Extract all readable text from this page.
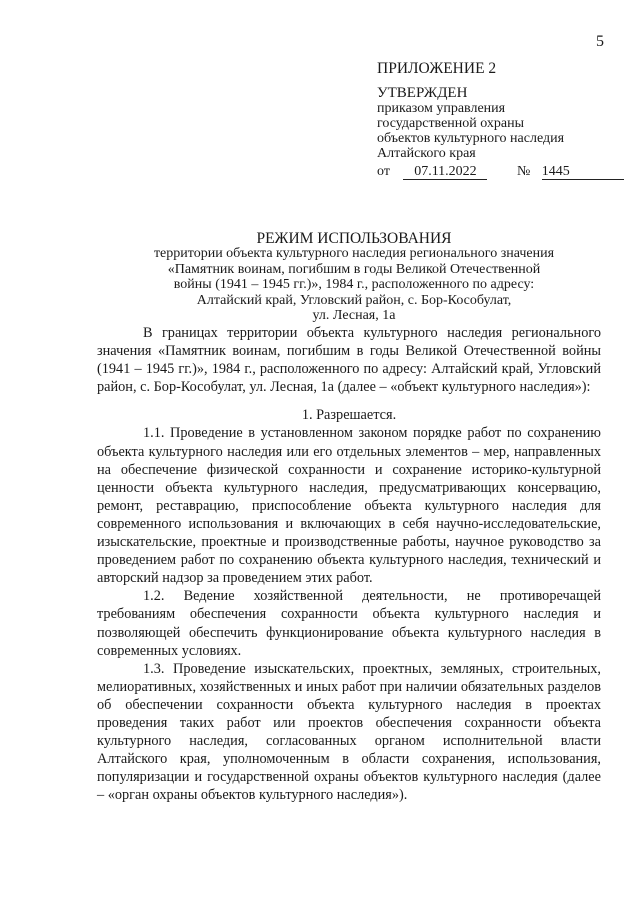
5
ПРИЛОЖЕНИЕ 2
УТВЕРЖДЕН
приказом управления
государственной охраны
объектов культурного наследия
Алтайского края
от 07.11.2022	№ 1445
РЕЖИМ ИСПОЛЬЗОВАНИЯ
территории объекта культурного наследия регионального значения
«Памятник воинам, погибшим в годы Великой Отечественной
войны (1941 – 1945 гг.)», 1984 г., расположенного по адресу:
Алтайский край, Угловский район, с. Бор-Кособулат,
ул. Лесная, 1а

В границах территории объекта культурного наследия регионального значения «Памятник воинам, погибшим в годы Великой Отечественной войны (1941 – 1945 гг.)», 1984 г., расположенного по адресу: Алтайский край, Угловский район, с. Бор-Кособулат, ул. Лесная, 1а (далее – «объект культурного наследия»):

1. Разрешается.

1.1. Проведение в установленном законом порядке работ по сохранению объекта культурного наследия или его отдельных элементов – мер, направленных на обеспечение физической сохранности и сохранение историко-культурной ценности объекта культурного наследия, предусматривающих консервацию, ремонт, реставрацию, приспособление объекта культурного наследия для современного использования и включающих в себя научно-исследовательские, изыскательские, проектные и производственные работы, научное руководство за проведением работ по сохранению объекта культурного наследия, технический и авторский надзор за проведением этих работ.

1.2. Ведение хозяйственной деятельности, не противоречащей требованиям обеспечения сохранности объекта культурного наследия и позволяющей обеспечить функционирование объекта культурного наследия в современных условиях.

1.3. Проведение изыскательских, проектных, земляных, строительных, мелиоративных, хозяйственных и иных работ при наличии обязательных разделов об обеспечении сохранности объекта культурного наследия в проектах проведения таких работ или проектов обеспечения сохранности объекта культурного наследия, согласованных органом исполнительной власти Алтайского края, уполномоченным в области сохранения, использования, популяризации и государственной охраны объектов культурного наследия (далее – «орган охраны объектов культурного наследия»).
